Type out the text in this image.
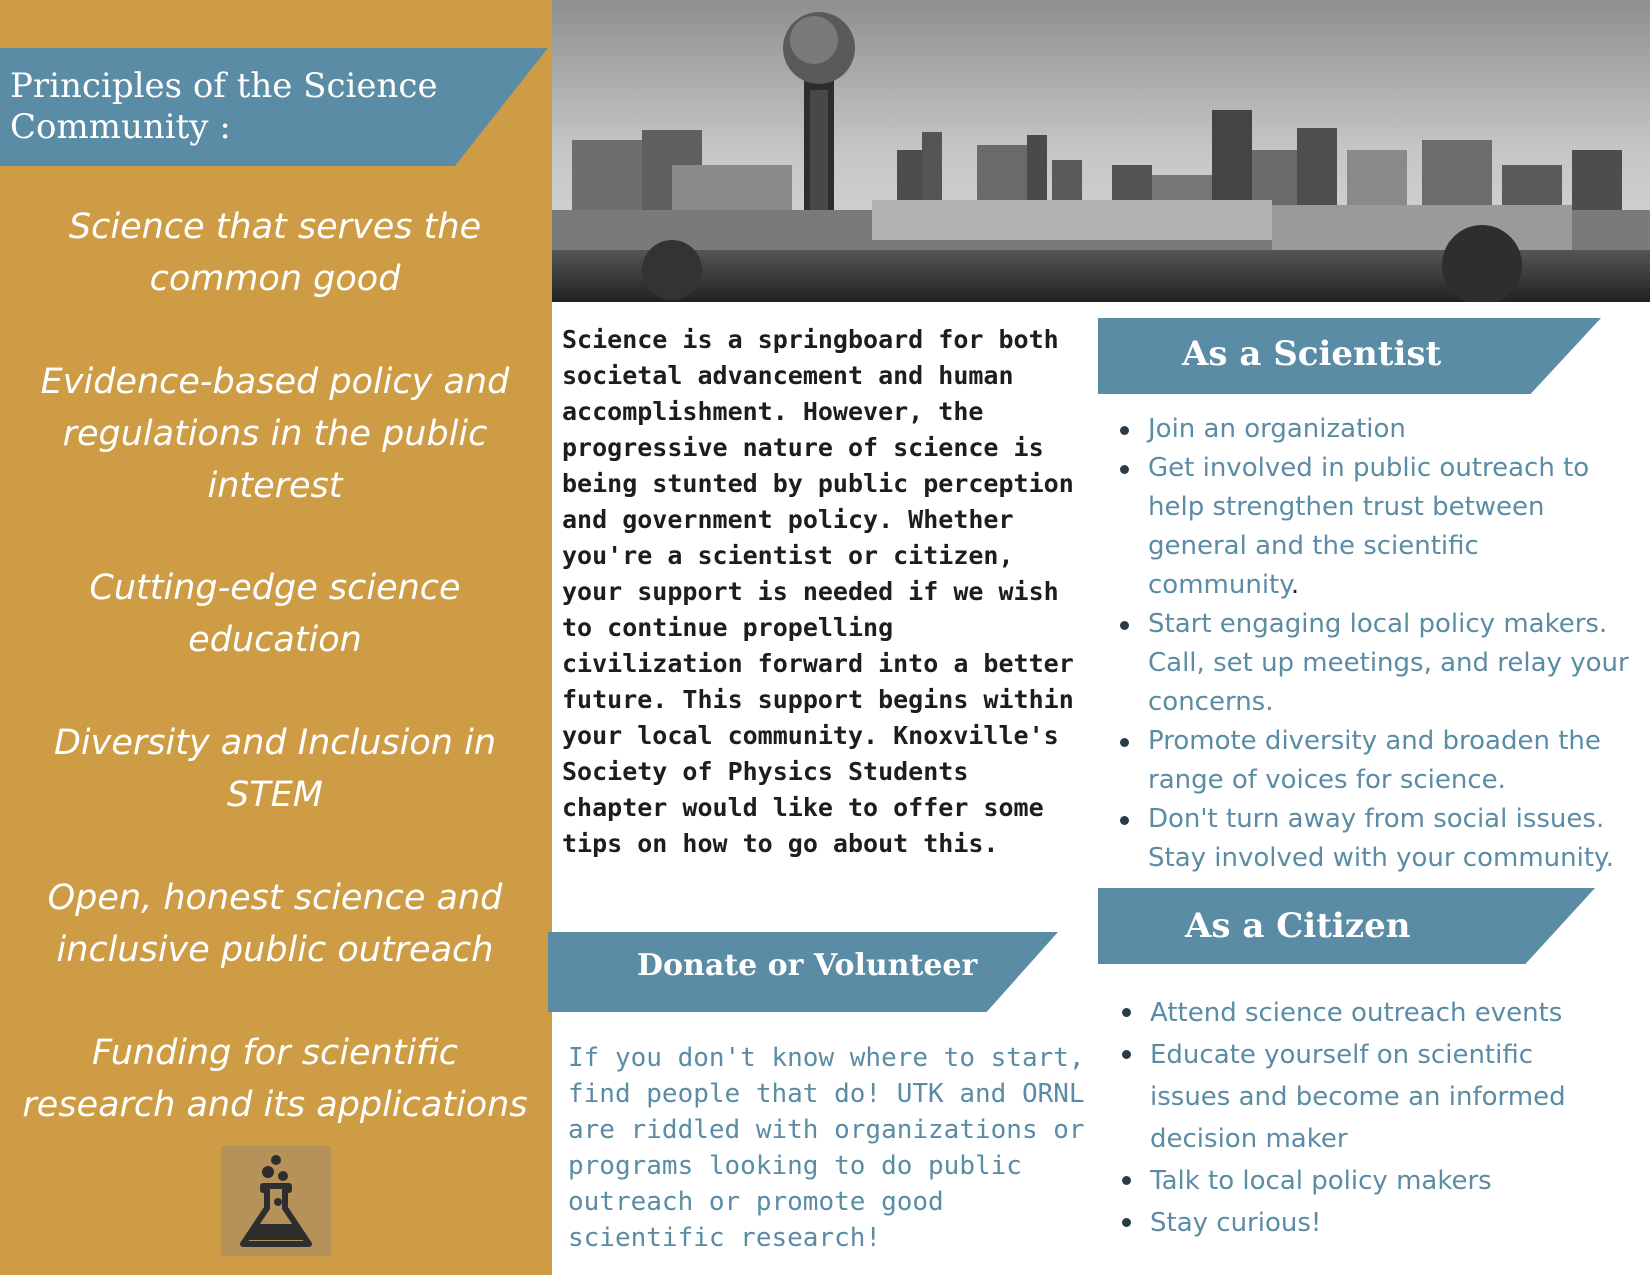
Principles of the Science Community :
Science that serves the common good
Evidence-based policy and regulations in the public interest
Cutting-edge science education
Diversity and Inclusion in STEM
Open, honest science and inclusive public outreach
Funding for scientific research and its applications
Science is a springboard for both societal advancement and human accomplishment. However, the progressive nature of science is being stunted by public perception and government policy. Whether you're a scientist or citizen, your support is needed if we wish to continue propelling civilization forward into a better future. This support begins within your local community. Knoxville's Society of Physics Students chapter would like to offer some tips on how to go about this.
Donate or Volunteer
If you don't know where to start, find people that do! UTK and ORNL are riddled with organizations or programs looking to do public outreach or promote good scientific research!
As a Scientist
Join an organization
Get involved in public outreach to help strengthen trust between general and the scientific community.
Start engaging local policy makers. Call, set up meetings, and relay your concerns.
Promote diversity and broaden the range of voices for science.
Don't turn away from social issues. Stay involved with your community.
As a Citizen
Attend science outreach events
Educate yourself on scientific issues and become an informed decision maker
Talk to local policy makers
Stay curious!
